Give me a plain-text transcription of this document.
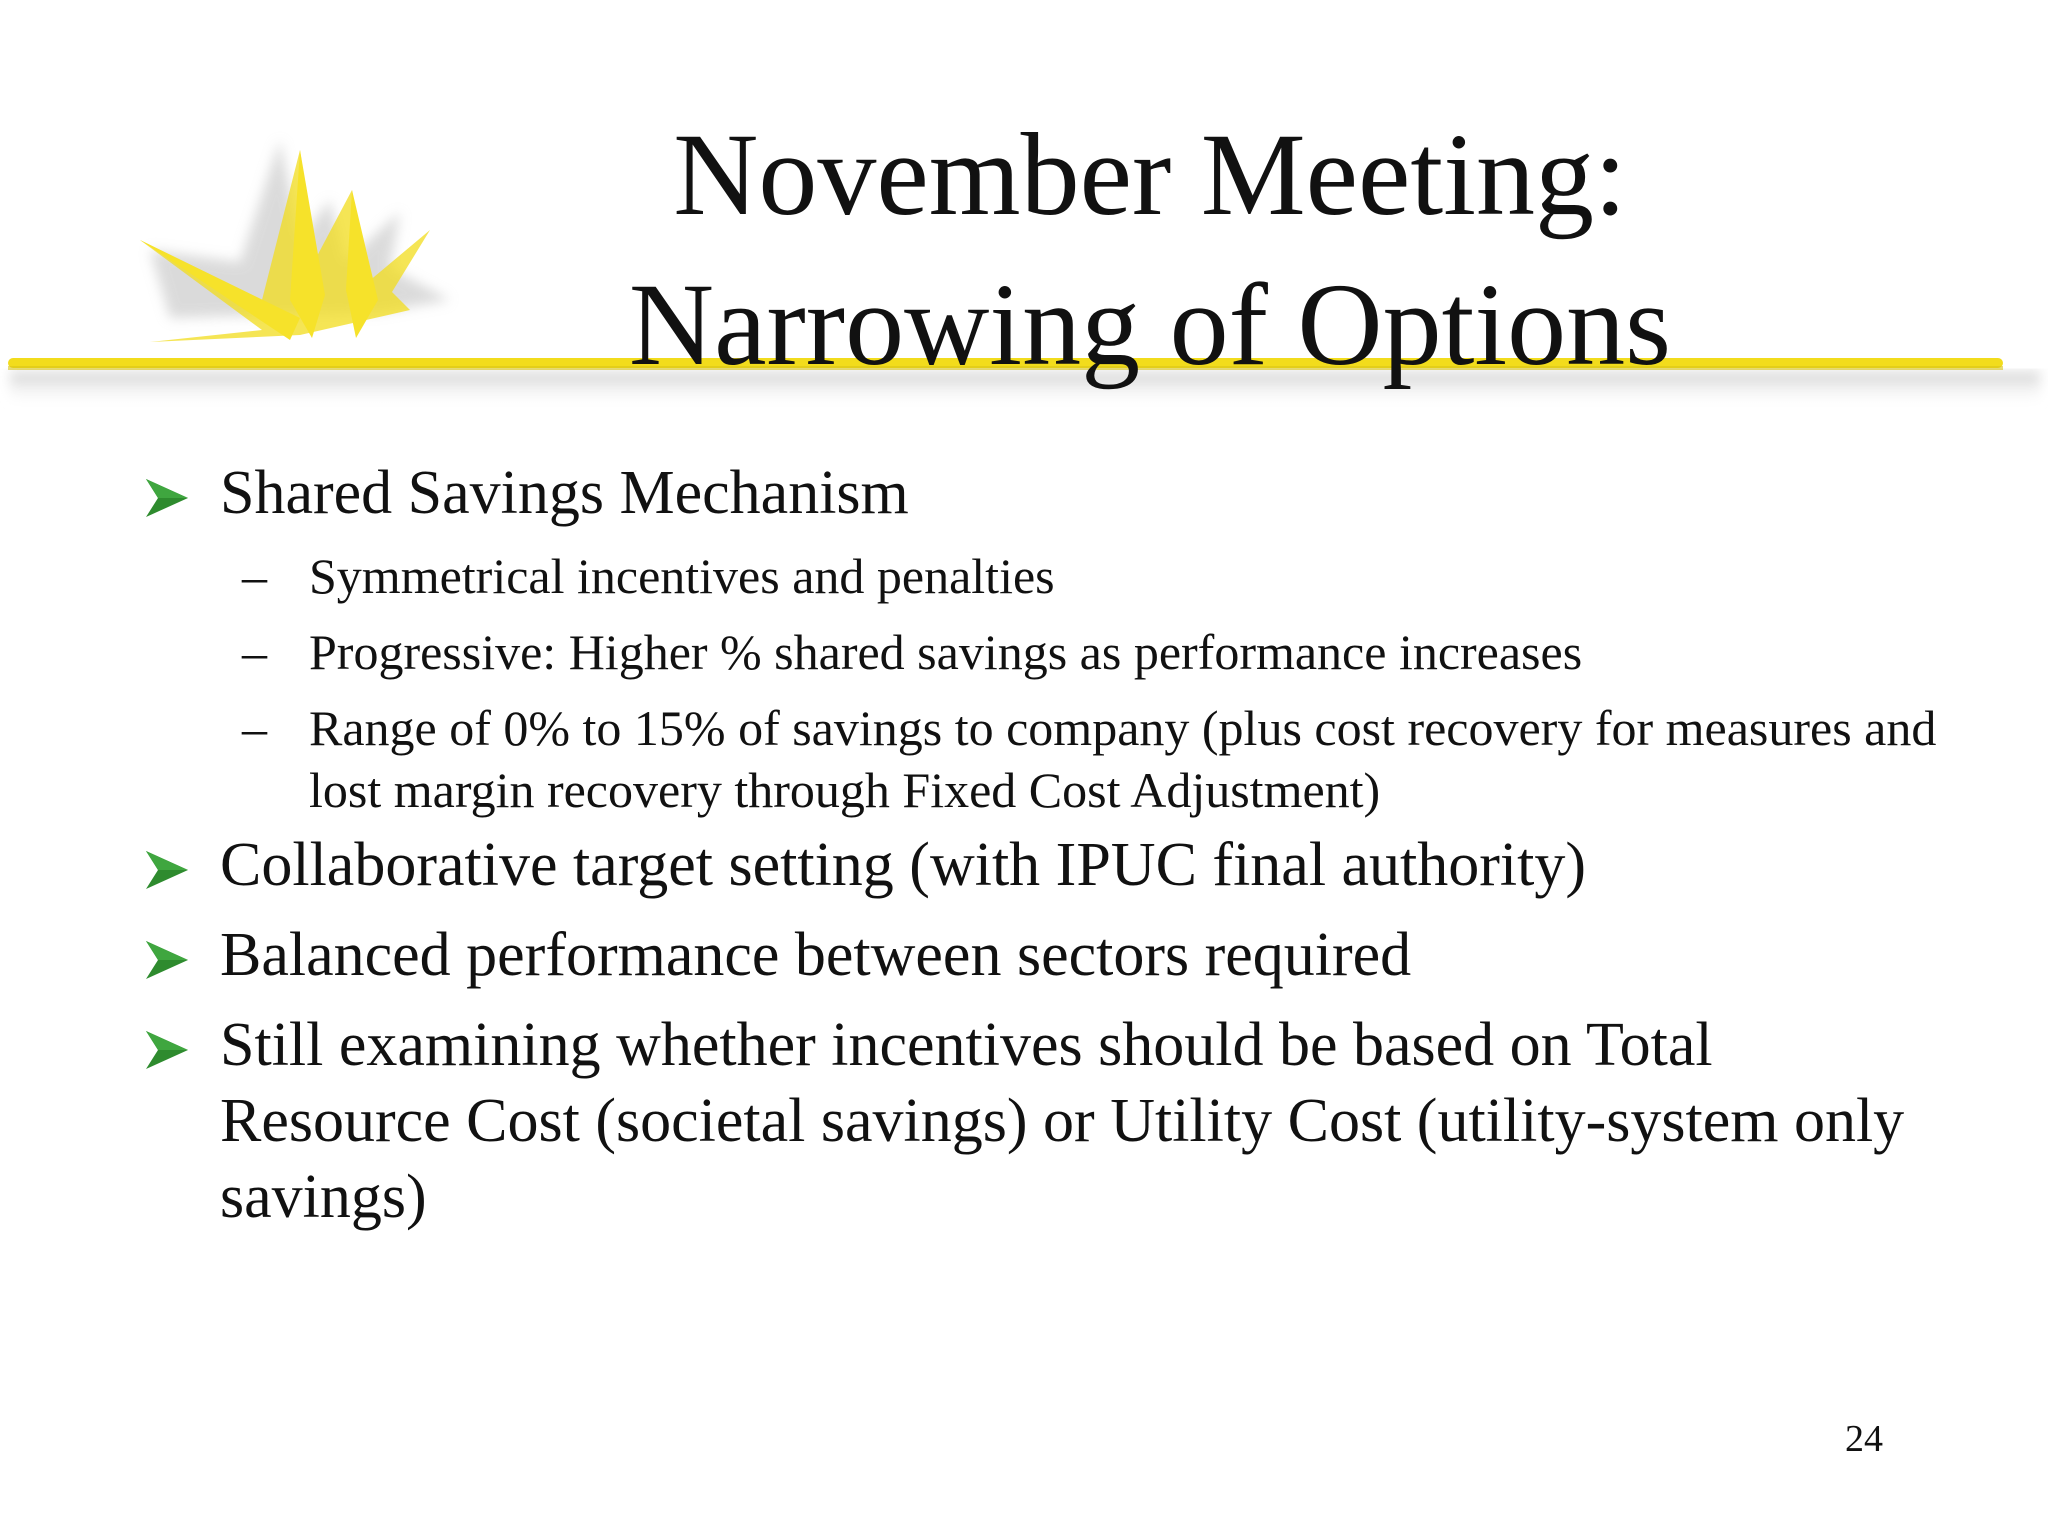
November Meeting:
Narrowing of Options
Shared Savings Mechanism
– Symmetrical incentives and penalties
– Progressive: Higher % shared savings as performance increases
– Range of 0% to 15% of savings to company (plus cost recovery for measures and lost margin recovery through Fixed Cost Adjustment)
Collaborative target setting (with IPUC final authority)
Balanced performance between sectors required
Still examining whether incentives should be based on Total Resource Cost (societal savings) or Utility Cost (utility-system only savings)
24
